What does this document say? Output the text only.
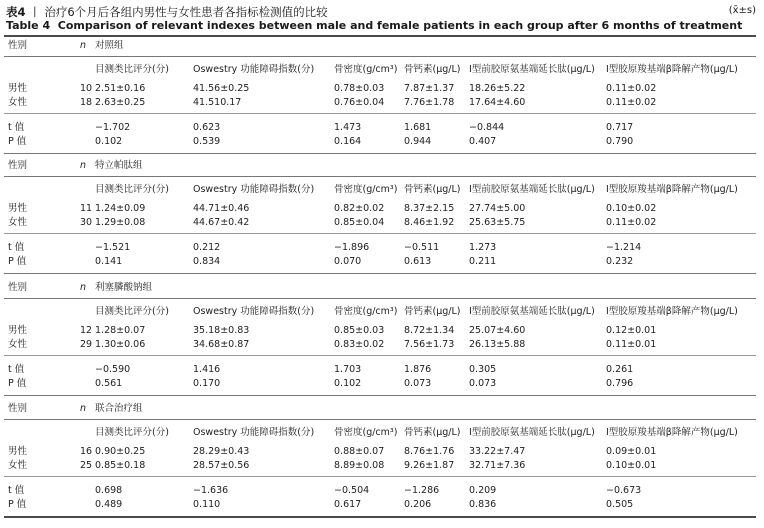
表4 丨 治疗6个月后各组内男性与女性患者各指标检测值的比较	(x̄±s)
Table 4 Comparison of relevant indexes between male and female patients in each group after 6 months of treatment
性别	n 对照组
目测类比评分(分)	Oswestry 功能障碍指数(分) 骨密度(g/cm³) 骨钙素(μg/L) Ⅰ型前胶原氨基端延长肽(μg/L) Ⅰ型胶原羧基端β降解产物(μg/L)
男性	10 2.51±0.16	41.56±0.25	0.78±0.03 7.87±1.37 18.26±5.22	0.11±0.02
女性	18 2.63±0.25	41.510.17	0.76±0.04 7.76±1.78 17.64±4.60	0.11±0.02
t 值	−1.702	0.623	1.473	1.681	−0.844	0.717
P 值	0.102	0.539	0.164	0.944	0.407	0.790
性别	n 特立帕肽组
目测类比评分(分)	Oswestry 功能障碍指数(分) 骨密度(g/cm³) 骨钙素(μg/L) Ⅰ型前胶原氨基端延长肽(μg/L) Ⅰ型胶原羧基端β降解产物(μg/L)
男性	11 1.24±0.09	44.71±0.46	0.82±0.02 8.37±2.15 27.74±5.00	0.10±0.02
女性	30 1.29±0.08	44.67±0.42	0.85±0.04 8.46±1.92 25.63±5.75	0.11±0.02
t 值	−1.521	0.212	−1.896	−0.511	1.273	−1.214
P 值	0.141	0.834	0.070	0.613	0.211	0.232
性别	n 利塞膦酸钠组
目测类比评分(分)	Oswestry 功能障碍指数(分) 骨密度(g/cm³) 骨钙素(μg/L) Ⅰ型前胶原氨基端延长肽(μg/L) Ⅰ型胶原羧基端β降解产物(μg/L)
男性	12 1.28±0.07	35.18±0.83	0.85±0.03 8.72±1.34 25.07±4.60	0.12±0.01
女性	29 1.30±0.06	34.68±0.87	0.83±0.02 7.56±1.73 26.13±5.88	0.11±0.01
t 值	−0.590	1.416	1.703	1.876	0.305	0.261
P 值	0.561	0.170	0.102	0.073	0.073	0.796
性别	n 联合治疗组
目测类比评分(分)	Oswestry 功能障碍指数(分) 骨密度(g/cm³) 骨钙素(μg/L) Ⅰ型前胶原氨基端延长肽(μg/L) Ⅰ型胶原羧基端β降解产物(μg/L)
男性	16 0.90±0.25	28.29±0.43	0.88±0.07 8.76±1.76 33.22±7.47	0.09±0.01
女性	25 0.85±0.18	28.57±0.56	8.89±0.08 9.26±1.87 32.71±7.36	0.10±0.01
t 值	0.698	−1.636	−0.504	−1.286	0.209	−0.673
P 值	0.489	0.110	0.617	0.206	0.836	0.505
